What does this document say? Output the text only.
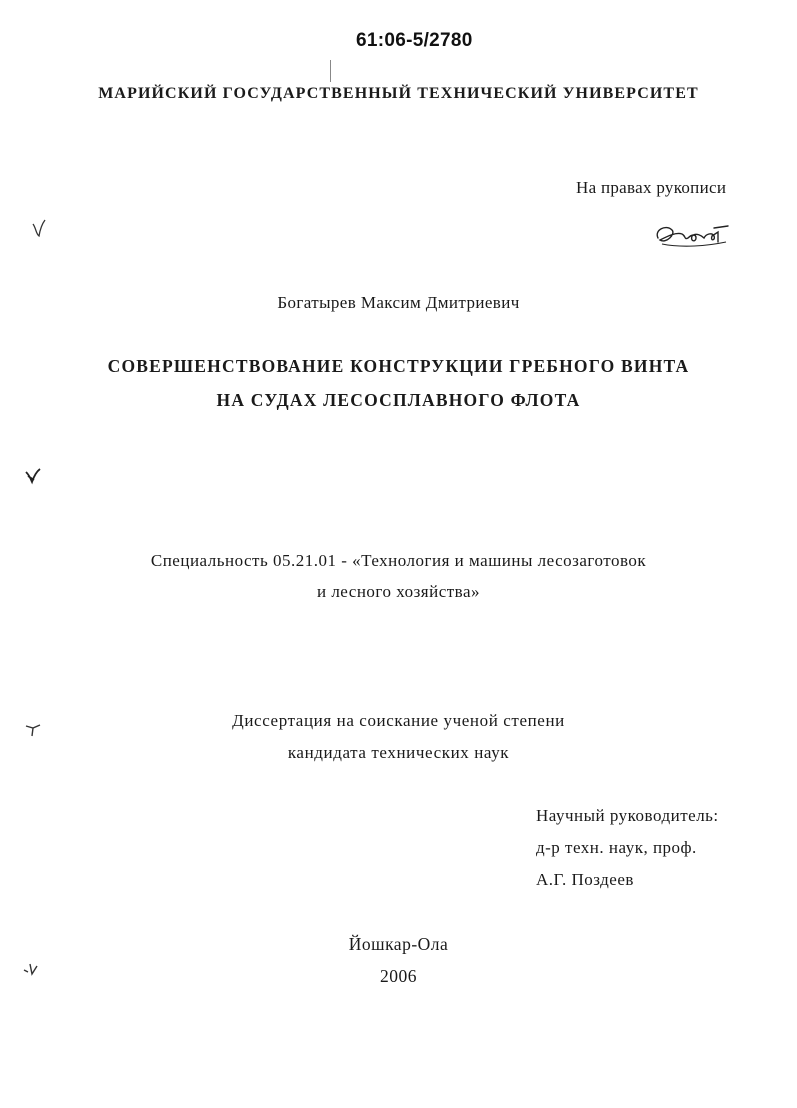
61:06-5/2780
МАРИЙСКИЙ ГОСУДАРСТВЕННЫЙ ТЕХНИЧЕСКИЙ УНИВЕРСИТЕТ
На правах рукописи
Богатырев Максим Дмитриевич
СОВЕРШЕНСТВОВАНИЕ КОНСТРУКЦИИ ГРЕБНОГО ВИНТА
НА СУДАХ ЛЕСОСПЛАВНОГО ФЛОТА
Специальность 05.21.01 - «Технология и машины лесозаготовок
и лесного хозяйства»
Диссертация на соискание ученой степени
кандидата технических наук
Научный руководитель:
д-р техн. наук, проф.
А.Г. Поздеев
Йошкар-Ола
2006
